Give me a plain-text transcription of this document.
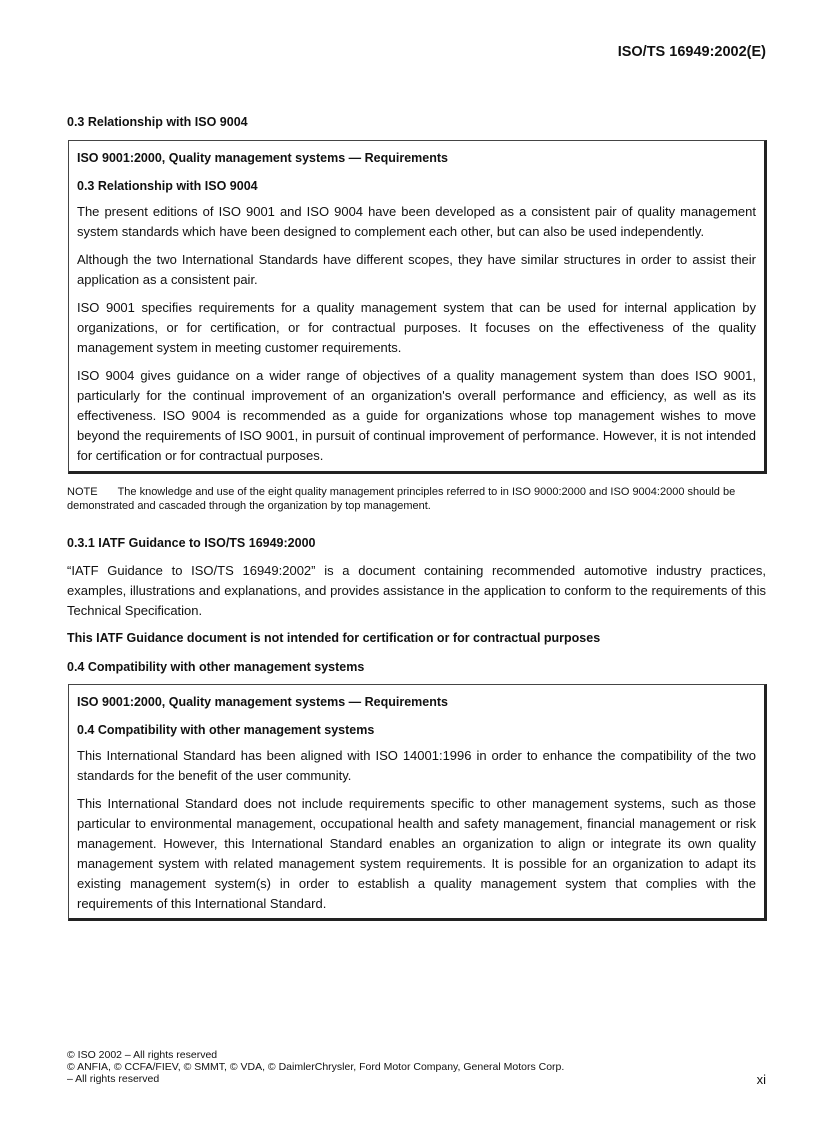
ISO/TS 16949:2002(E)
0.3 Relationship with ISO 9004
ISO 9001:2000, Quality management systems — Requirements
0.3 Relationship with ISO 9004

The present editions of ISO 9001 and ISO 9004 have been developed as a consistent pair of quality management system standards which have been designed to complement each other, but can also be used independently.

Although the two International Standards have different scopes, they have similar structures in order to assist their application as a consistent pair.

ISO 9001 specifies requirements for a quality management system that can be used for internal application by organizations, or for certification, or for contractual purposes. It focuses on the effectiveness of the quality management system in meeting customer requirements.

ISO 9004 gives guidance on a wider range of objectives of a quality management system than does ISO 9001, particularly for the continual improvement of an organization's overall performance and efficiency, as well as its effectiveness. ISO 9004 is recommended as a guide for organizations whose top management wishes to move beyond the requirements of ISO 9001, in pursuit of continual improvement of performance. However, it is not intended for certification or for contractual purposes.

NOTE The knowledge and use of the eight quality management principles referred to in ISO 9000:2000 and ISO 9004:2000 should be demonstrated and cascaded through the organization by top management.
0.3.1 IATF Guidance to ISO/TS 16949:2000

“IATF Guidance to ISO/TS 16949:2002” is a document containing recommended automotive industry practices, examples, illustrations and explanations, and provides assistance in the application to conform to the requirements of this Technical Specification.

This IATF Guidance document is not intended for certification or for contractual purposes
0.4 Compatibility with other management systems
ISO 9001:2000, Quality management systems — Requirements
0.4 Compatibility with other management systems

This International Standard has been aligned with ISO 14001:1996 in order to enhance the compatibility of the two standards for the benefit of the user community.

This International Standard does not include requirements specific to other management systems, such as those particular to environmental management, occupational health and safety management, financial management or risk management. However, this International Standard enables an organization to align or integrate its own quality management system with related management system requirements. It is possible for an organization to adapt its existing management system(s) in order to establish a quality management system that complies with the requirements of this International Standard.

© ISO 2002 – All rights reserved
© ANFIA, © CCFA/FIEV, © SMMT, © VDA, © DaimlerChrysler, Ford Motor Company, General Motors Corp.
– All rights reserved	xi
